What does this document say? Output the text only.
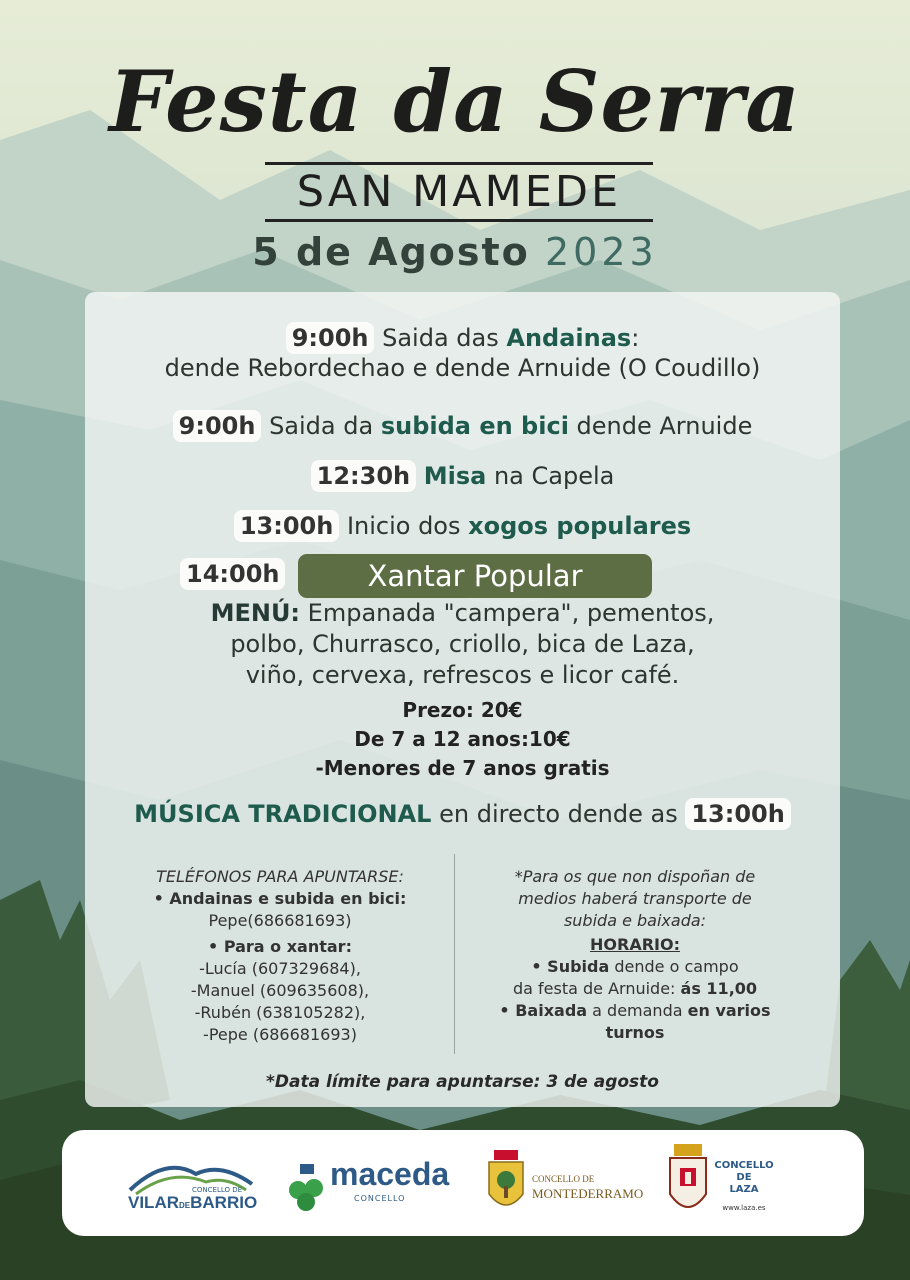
Festa da Serra
SAN MAMEDE
5 de Agosto 2023
9:00h Saida das Andainas:
dende Rebordechao e dende Arnuide (O Coudillo)
9:00h Saida da subida en bici dende Arnuide
12:30h Misa na Capela
13:00h Inicio dos xogos populares
14:00h	Xantar Popular
MENÚ: Empanada "campera", pementos,
polbo, Churrasco, criollo, bica de Laza,
viño, cervexa, refrescos e licor café.
Prezo: 20€
De 7 a 12 anos:10€
-Menores de 7 anos gratis
MÚSICA TRADICIONAL en directo dende as 13:00h
TELÉFONOS PARA APUNTARSE:
• Andainas e subida en bici:
Pepe(686681693)
• Para o xantar:
-Lucía (607329684),
-Manuel (609635608),
-Rubén (638105282),
-Pepe (686681693)
*Para os que non dispoñan de
medios haberá transporte de
subida e baixada:
HORARIO:
• Subida dende o campo
da festa de Arnuide: ás 11,00
• Baixada a demanda en varios turnos
*Data límite para apuntarse: 3 de agosto
CONCELLO DE
VILARDEBARRIO
maceda
CONCELLO
CONCELLO DE
MONTEDERRAMO
CONCELLO
DE
LAZA
www.laza.es
